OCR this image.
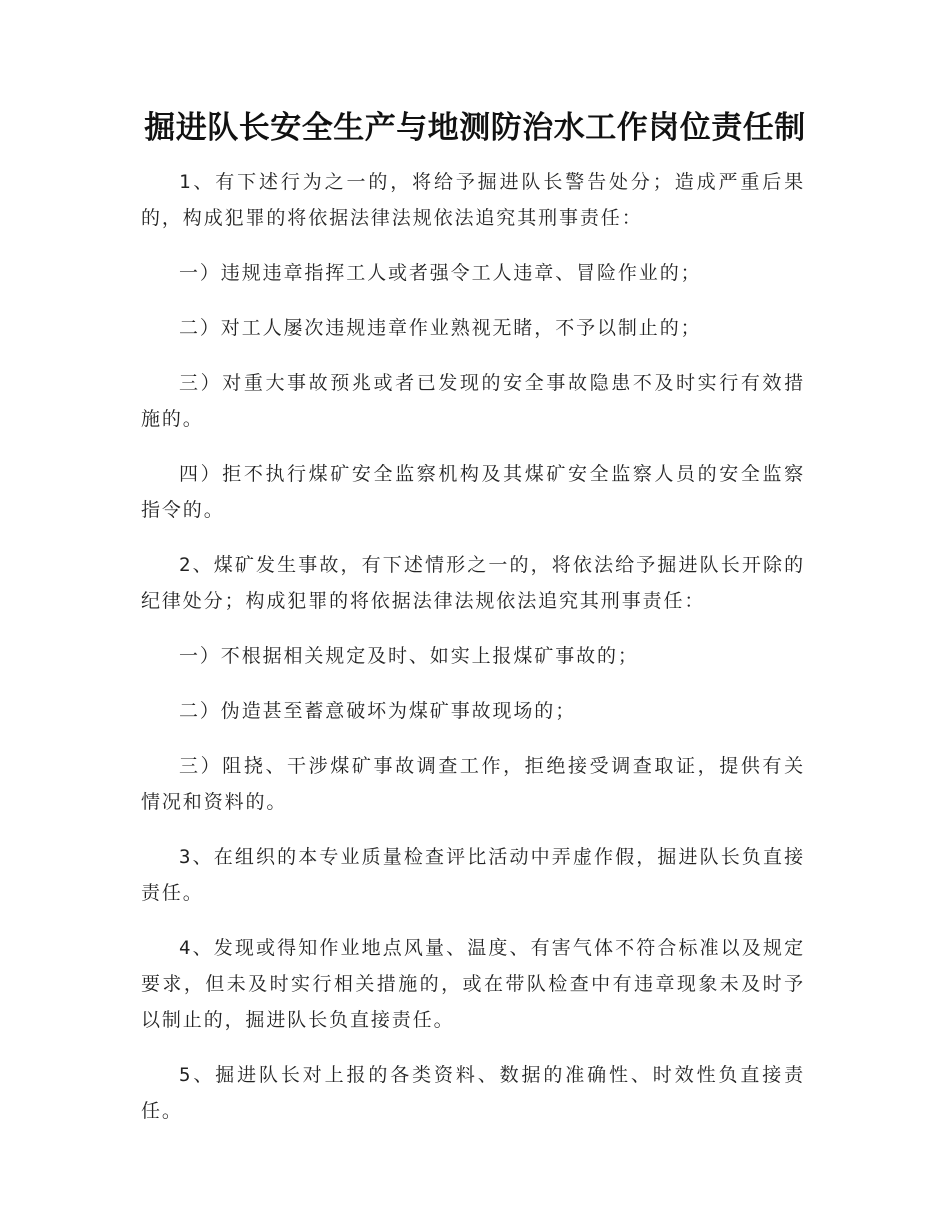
掘进队长安全生产与地测防治水工作岗位责任制

1、有下述行为之一的，将给予掘进队长警告处分；造成严重后果的，构成犯罪的将依据法律法规依法追究其刑事责任：

一）违规违章指挥工人或者强令工人违章、冒险作业的；

二）对工人屡次违规违章作业熟视无睹，不予以制止的；

三）对重大事故预兆或者已发现的安全事故隐患不及时实行有效措施的。

四）拒不执行煤矿安全监察机构及其煤矿安全监察人员的安全监察指令的。

2、煤矿发生事故，有下述情形之一的，将依法给予掘进队长开除的纪律处分；构成犯罪的将依据法律法规依法追究其刑事责任：

一）不根据相关规定及时、如实上报煤矿事故的；

二）伪造甚至蓄意破坏为煤矿事故现场的；

三）阻挠、干涉煤矿事故调查工作，拒绝接受调查取证，提供有关情况和资料的。

3、在组织的本专业质量检查评比活动中弄虚作假，掘进队长负直接责任。

4、发现或得知作业地点风量、温度、有害气体不符合标准以及规定要求，但未及时实行相关措施的，或在带队检查中有违章现象未及时予以制止的，掘进队长负直接责任。

5、掘进队长对上报的各类资料、数据的准确性、时效性负直接责任。
